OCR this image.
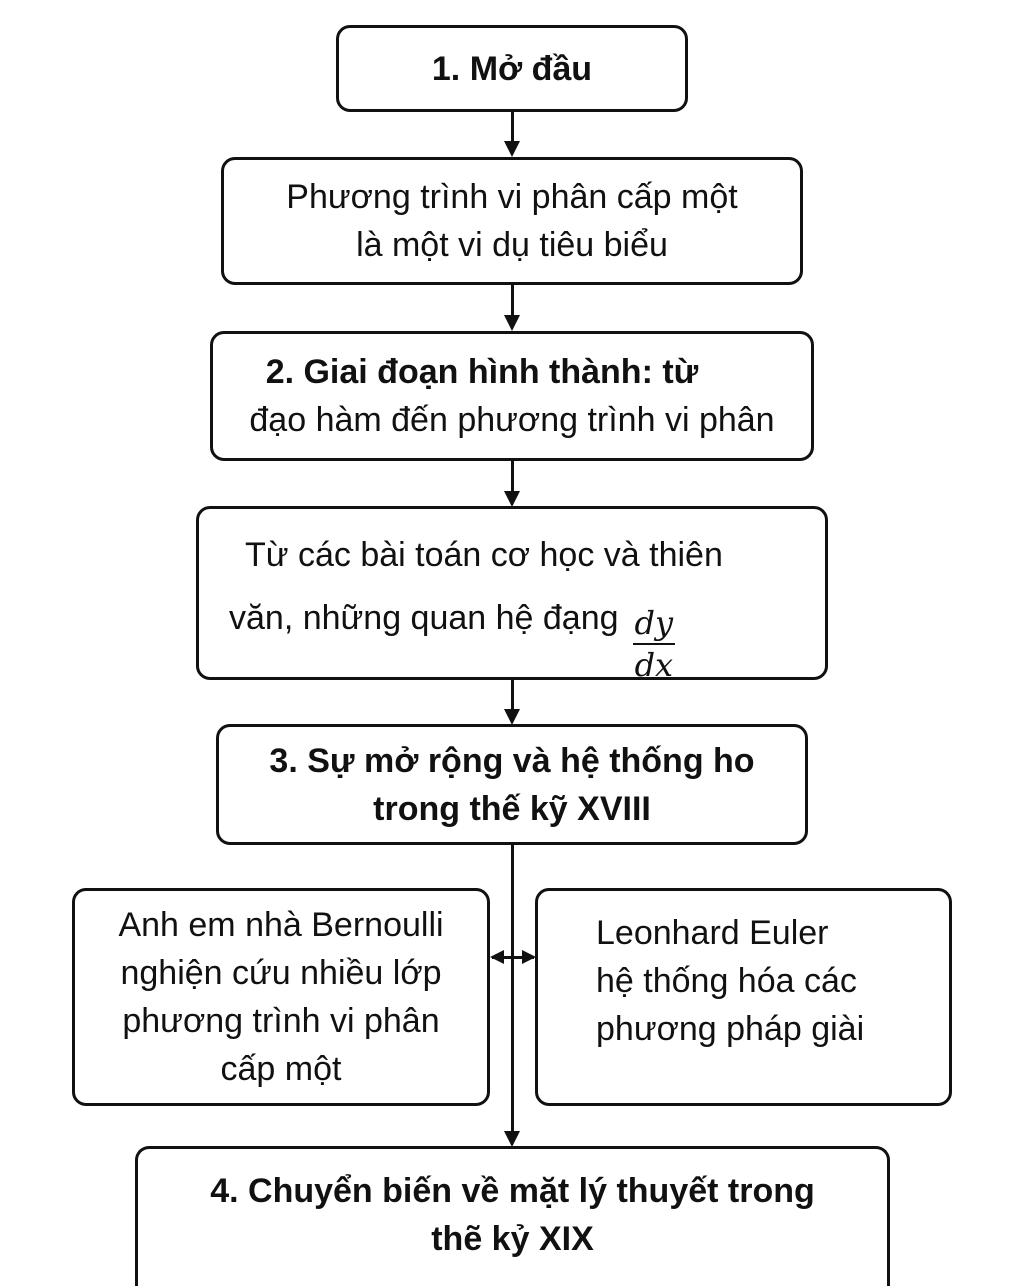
1. Mở đầu
Phương trình vi phân cấp một
là một vi dụ tiêu biểu
2. Giai đoạn hình thành: từ
đạo hàm đến phương trình vi phân
Từ các bài toán cơ học và thiên
văn, những quan hệ đạng $\frac{dy}{dx}$
3. Sự mở rộng và hệ thống ho
trong thế kỹ XVIII
Anh em nhà Bernoulli
nghiện cứu nhiều lớp
phương trình vi phân
cấp một
Leonhard Euler
hệ thống hóa các
phương pháp giài
4. Chuyển biến về mặt lý thuyết trong
thẽ kỷ XIX
